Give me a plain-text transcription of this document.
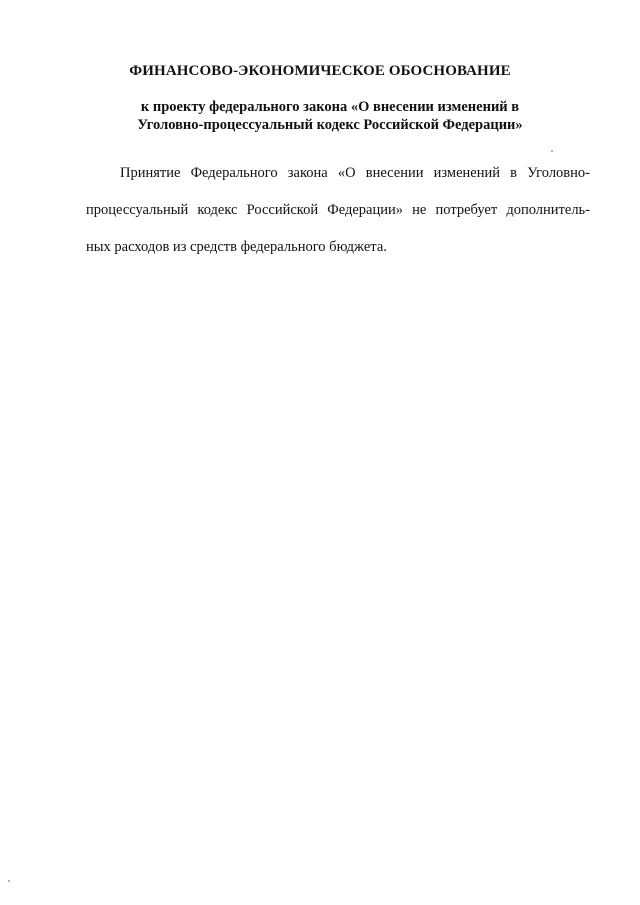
ФИНАНСОВО-ЭКОНОМИЧЕСКОЕ ОБОСНОВАНИЕ
к проекту федерального закона «О внесении изменений в
Уголовно-процессуальный кодекс Российской Федерации»
Принятие Федерального закона «О внесении изменений в Уголовно-
процессуальный кодекс Российской Федерации» не потребует дополнитель-
ных расходов из средств федерального бюджета.
